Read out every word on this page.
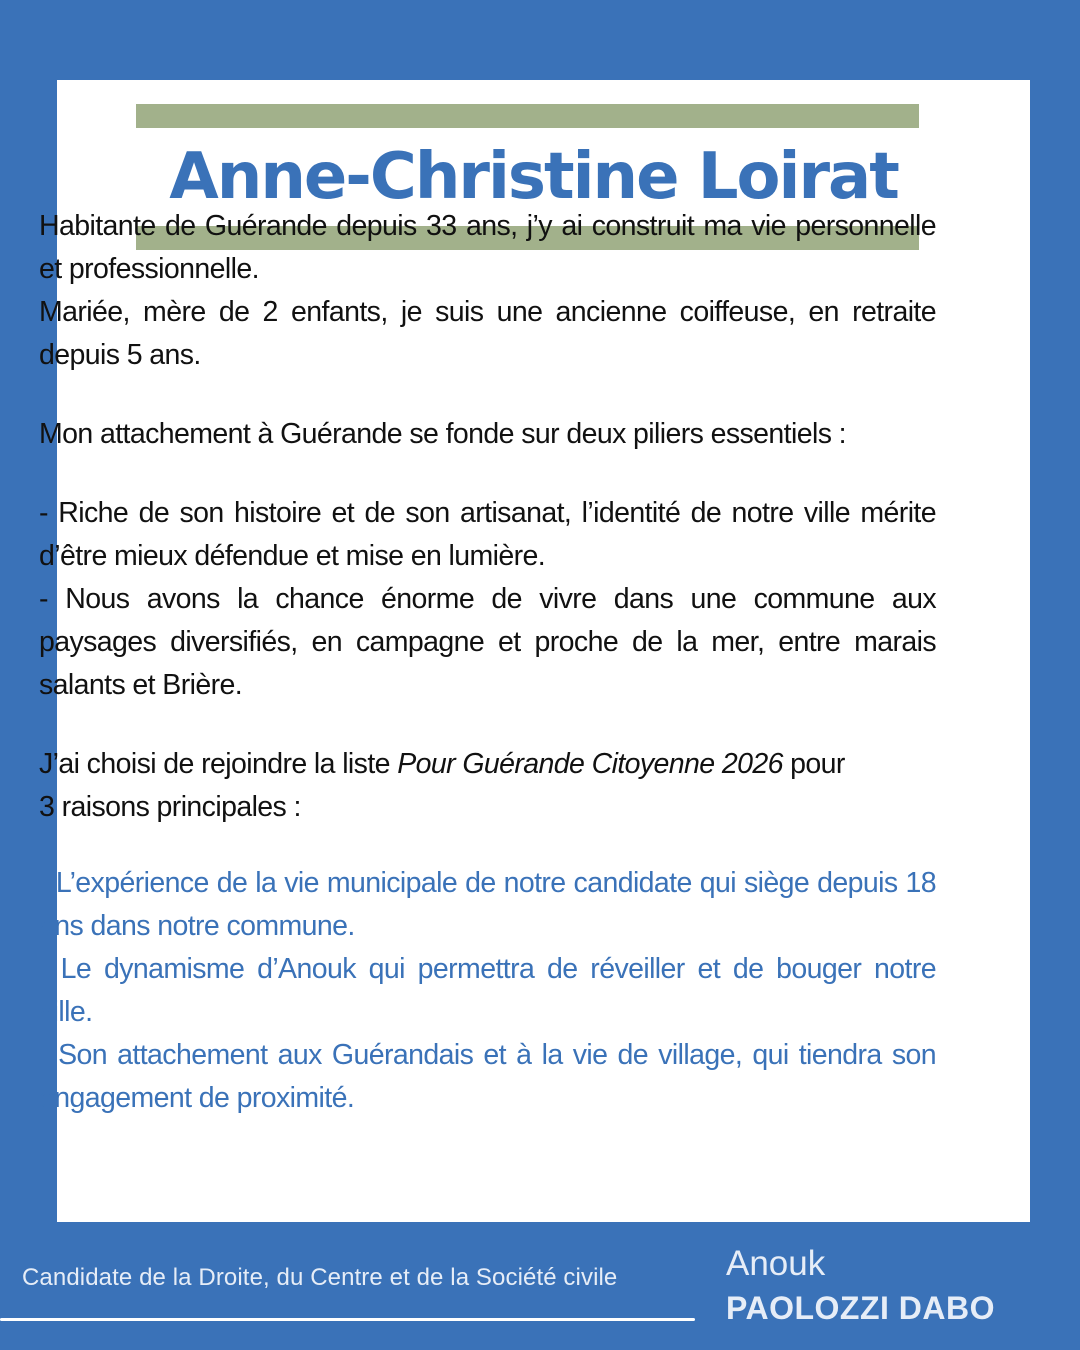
Anne-Christine Loirat

Habitante de Guérande depuis 33 ans, j’y ai construit ma vie personnelle et professionnelle.

Mariée, mère de 2 enfants, je suis une ancienne coiffeuse, en retraite depuis 5 ans.

Mon attachement à Guérande se fonde sur deux piliers essentiels :

- Riche de son histoire et de son artisanat, l’identité de notre ville mérite d’être mieux défendue et mise en lumière.

- Nous avons la chance énorme de vivre dans une commune aux paysages diversifiés, en campagne et proche de la mer, entre marais salants et Brière.

J’ai choisi de rejoindre la liste Pour Guérande Citoyenne 2026 pour

3 raisons principales :

- L’expérience de la vie municipale de notre candidate qui siège depuis 18 ans dans notre commune.

- Le dynamisme d’Anouk qui permettra de réveiller et de bouger notre ville.

- Son attachement aux Guérandais et à la vie de village, qui tiendra son engagement de proximité.

Candidate de la Droite, du Centre et de la Société civile	Anouk
PAOLOZZI DABO
